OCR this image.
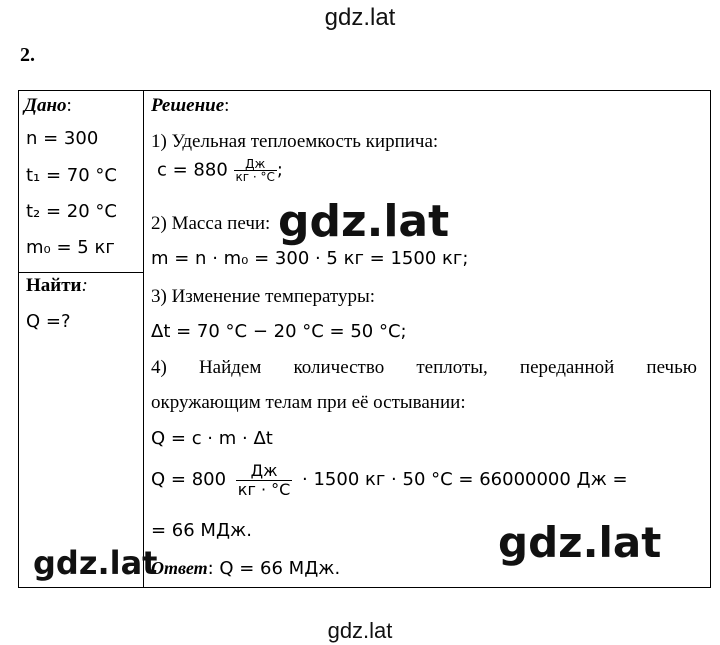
gdz.lat
2.
Дано:
n = 300
t₁ = 70 °C
t₂ = 20 °C
m₀ = 5 кг
Найти:
Q =?
Решение:
1) Удельная теплоемкость кирпича:
$c = 880 \frac{Дж}{кг \cdot ^\circ C}$ ;
2) Масса печи:
m = n · m₀ = 300 · 5 кг = 1500 кг;
3) Изменение температуры:
Δt = 70 °C − 20 °C = 50 °C;
4) Найдем количество теплоты, переданной печью
окружающим телам при её остывании:
Q = c · m · Δt
$Q = 800 \frac{Дж}{кг \cdot ^\circ C} \cdot 1500$ кг · 50 °C = 66000000 Дж =
= 66 МДж.
Ответ: Q = 66 МДж.
gdz.lat
gdz.lat
gdz.lat
gdz.lat
